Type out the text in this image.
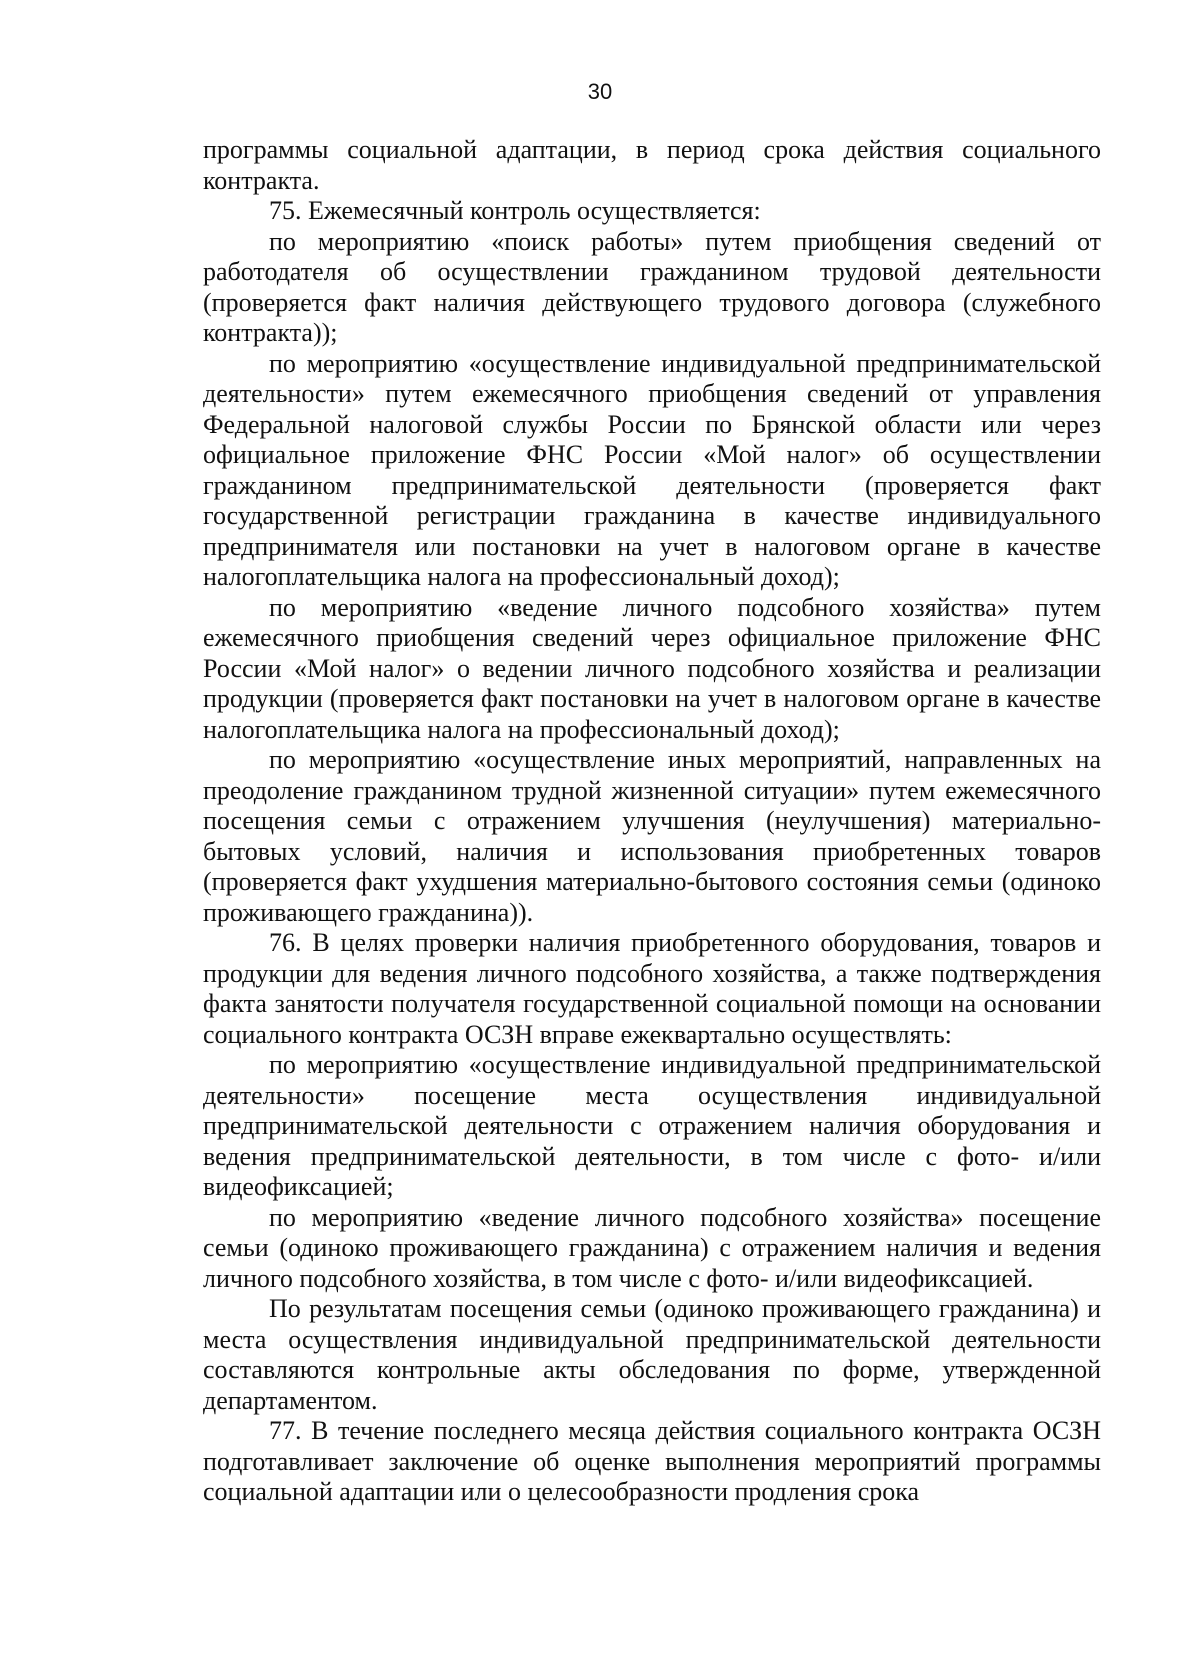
30

программы социальной адаптации, в период срока действия социального контракта.

75. Ежемесячный контроль осуществляется:

по мероприятию «поиск работы» путем приобщения сведений от работодателя об осуществлении гражданином трудовой деятельности (проверяется факт наличия действующего трудового договора (служебного контракта));

по мероприятию «осуществление индивидуальной предпринимательской деятельности» путем ежемесячного приобщения сведений от управления Федеральной налоговой службы России по Брянской области или через официальное приложение ФНС России «Мой налог» об осуществлении гражданином предпринимательской деятельности (проверяется факт государственной регистрации гражданина в качестве индивидуального предпринимателя или постановки на учет в налоговом органе в качестве налогоплательщика налога на профессиональный доход);

по мероприятию «ведение личного подсобного хозяйства» путем ежемесячного приобщения сведений через официальное приложение ФНС России «Мой налог» о ведении личного подсобного хозяйства и реализации продукции (проверяется факт постановки на учет в налоговом органе в качестве налогоплательщика налога на профессиональный доход);

по мероприятию «осуществление иных мероприятий, направленных на преодоление гражданином трудной жизненной ситуации» путем ежемесячного посещения семьи с отражением улучшения (неулучшения) материально-бытовых условий, наличия и использования приобретенных товаров (проверяется факт ухудшения материально-бытового состояния семьи (одиноко проживающего гражданина)).

76. В целях проверки наличия приобретенного оборудования, товаров и продукции для ведения личного подсобного хозяйства, а также подтверждения факта занятости получателя государственной социальной помощи на основании социального контракта ОСЗН вправе ежеквартально осуществлять:

по мероприятию «осуществление индивидуальной предпринимательской деятельности» посещение места осуществления индивидуальной предпринимательской деятельности с отражением наличия оборудования и ведения предпринимательской деятельности, в том числе с фото- и/или видеофиксацией;

по мероприятию «ведение личного подсобного хозяйства» посещение семьи (одиноко проживающего гражданина) с отражением наличия и ведения личного подсобного хозяйства, в том числе с фото- и/или видеофиксацией.

По результатам посещения семьи (одиноко проживающего гражданина) и места осуществления индивидуальной предпринимательской деятельности составляются контрольные акты обследования по форме, утвержденной департаментом.

77. В течение последнего месяца действия социального контракта ОСЗН подготавливает заключение об оценке выполнения мероприятий программы социальной адаптации или о целесообразности продления срока
